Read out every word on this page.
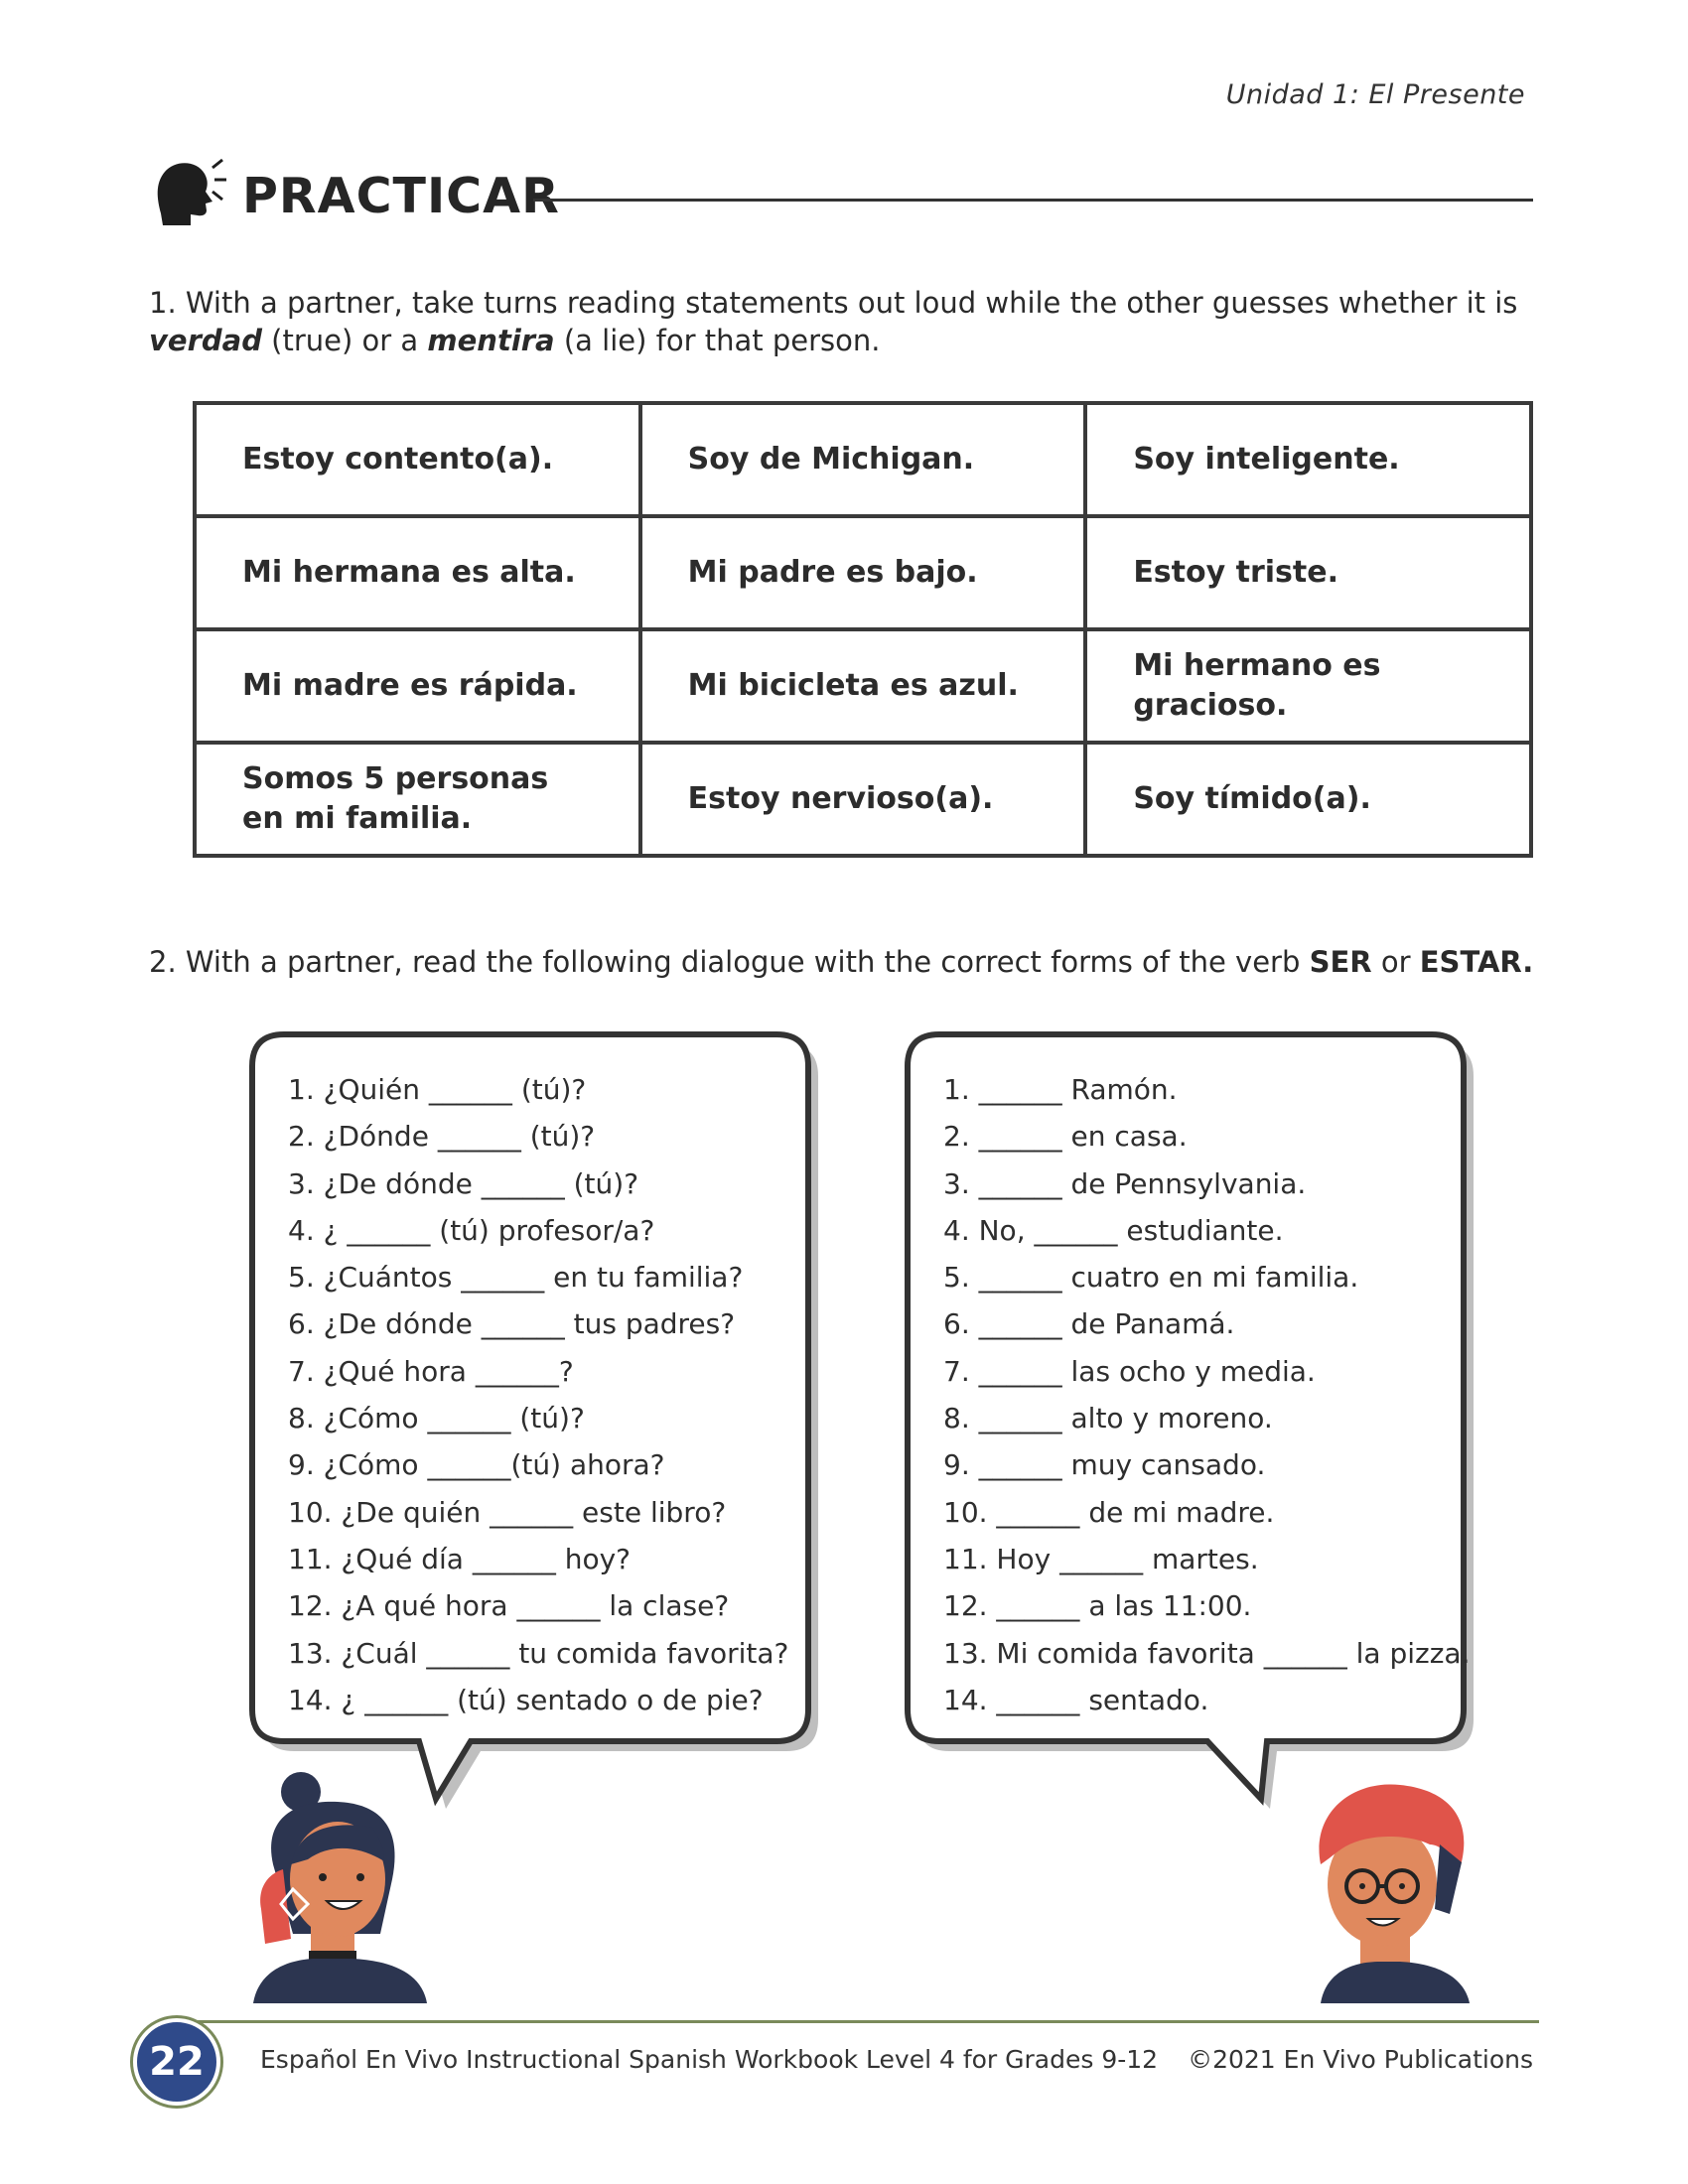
Unidad 1: El Presente
PRACTICAR
1. With a partner, take turns reading statements out loud while the other guesses whether it is verdad (true) or a mentira (a lie) for that person.
Estoy contento(a).	Soy de Michigan.	Soy inteligente.
Mi hermana es alta.	Mi padre es bajo.	Estoy triste.
Mi madre es rápida.	Mi bicicleta es azul.	Mi hermano es gracioso.
Somos 5 personas en mi familia.	Estoy nervioso(a).	Soy tímido(a).
2. With a partner, read the following dialogue with the correct forms of the verb SER or ESTAR.
1. ¿Quién ______ (tú)?
2. ¿Dónde ______ (tú)?
3. ¿De dónde ______ (tú)?
4. ¿ ______ (tú) profesor/a?
5. ¿Cuántos ______ en tu familia?
6. ¿De dónde ______ tus padres?
7. ¿Qué hora ______?
8. ¿Cómo ______ (tú)?
9. ¿Cómo ______(tú) ahora?
10. ¿De quién ______ este libro?
11. ¿Qué día ______ hoy?
12. ¿A qué hora ______ la clase?
13. ¿Cuál ______ tu comida favorita?
14. ¿ ______ (tú) sentado o de pie?
1. ______ Ramón.
2. ______ en casa.
3. ______ de Pennsylvania.
4. No, ______ estudiante.
5. ______ cuatro en mi familia.
6. ______ de Panamá.
7. ______ las ocho y media.
8. ______ alto y moreno.
9. ______ muy cansado.
10. ______ de mi madre.
11. Hoy ______ martes.
12. ______ a las 11:00.
13. Mi comida favorita ______ la pizza.
14. ______ sentado.
22	Español En Vivo Instructional Spanish Workbook Level 4 for Grades 9-12 ©2021 En Vivo Publications
